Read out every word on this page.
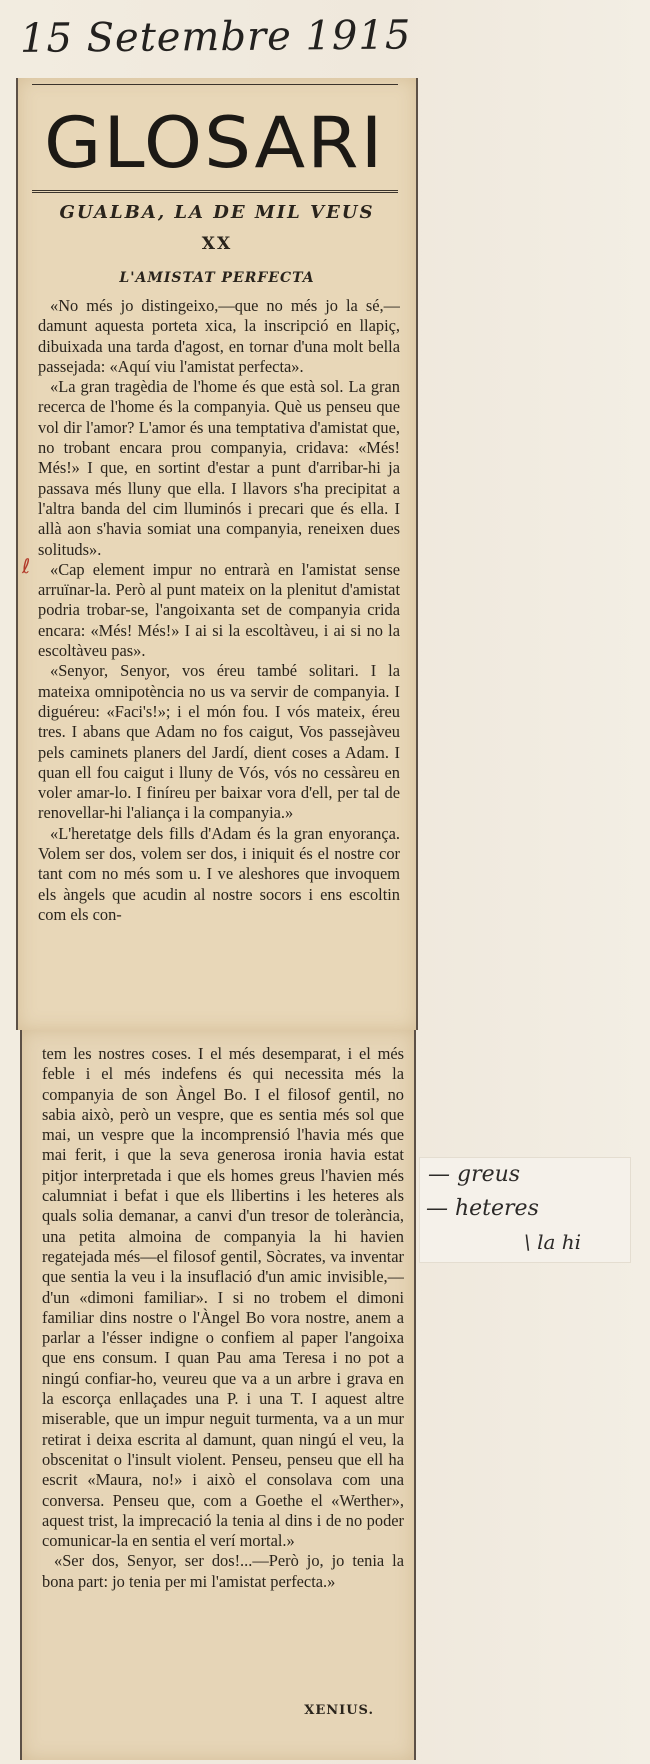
15 Setembre 1915
GLOSARI
GUALBA, LA DE MIL VEUS
XX
L'AMISTAT PERFECTA

«No més jo distingeixo,—que no més jo la sé,—damunt aquesta porteta xica, la inscripció en llapiç, dibuixada una tarda d'agost, en tornar d'una molt bella passejada: «Aquí viu l'amistat perfecta».

«La gran tragèdia de l'home és que està sol. La gran recerca de l'home és la companyia. Què us penseu que vol dir l'amor? L'amor és una temptativa d'amistat que, no trobant encara prou companyia, cridava: «Més! Més!» I que, en sortint d'estar a punt d'arribar-hi ja passava més lluny que ella. I llavors s'ha precipitat a l'altra banda del cim lluminós i precari que és ella. I allà aon s'havia somiat una companyia, reneixen dues solituds».

«Cap element impur no entrarà en l'amistat sense arruïnar-la. Però al punt mateix on la plenitut d'amistat podria trobar-se, l'angoixanta set de companyia crida encara: «Més! Més!» I ai si la escoltàveu, i ai si no la escoltàveu pas».

«Senyor, Senyor, vos éreu també solitari. I la mateixa omnipotència no us va servir de companyia. I diguéreu: «Faci's!»; i el món fou. I vós mateix, éreu tres. I abans que Adam no fos caigut, Vos passejàveu pels caminets planers del Jardí, dient coses a Adam. I quan ell fou caigut i lluny de Vós, vós no cessàreu en voler amar-lo. I finíreu per baixar vora d'ell, per tal de renovellar-hi l'aliança i la companyia.»

«L'heretatge dels fills d'Adam és la gran enyorança. Volem ser dos, volem ser dos, i iniquit és el nostre cor tant com no més som u. I ve aleshores que invoquem els àngels que acudin al nostre socors i ens escoltin com els con-

ℓ

tem les nostres coses. I el més desemparat, i el més feble i el més indefens és qui necessita més la companyia de son Àngel Bo. I el filosof gentil, no sabia això, però un vespre, que es sentia més sol que mai, un vespre que la incomprensió l'havia més que mai ferit, i que la seva generosa ironia havia estat pitjor interpretada i que els homes greus l'havien més calumniat i befat i que els llibertins i les heteres als quals solia demanar, a canvi d'un tresor de tolerància, una petita almoina de companyia la hi havien regatejada més—el filosof gentil, Sòcrates, va inventar que sentia la veu i la insuflació d'un amic invisible,—d'un «dimoni familiar». I si no trobem el dimoni familiar dins nostre o l'Àngel Bo vora nostre, anem a parlar a l'ésser indigne o confiem al paper l'angoixa que ens consum. I quan Pau ama Teresa i no pot a ningú confiar-ho, veureu que va a un arbre i grava en la escorça enllaçades una P. i una T. I aquest altre miserable, que un impur neguit turmenta, va a un mur retirat i deixa escrita al damunt, quan ningú el veu, la obscenitat o l'insult violent. Penseu, penseu que ell ha escrit «Maura, no!» i això el consolava com una conversa. Penseu que, com a Goethe el «Werther», aquest trist, la imprecació la tenia al dins i de no poder comunicar-la en sentia el verí mortal.»

«Ser dos, Senyor, ser dos!...—Però jo, jo tenia la bona part: jo tenia per mi l'amistat perfecta.»

XENIUS.
— greus
— heteres
\ la hi
